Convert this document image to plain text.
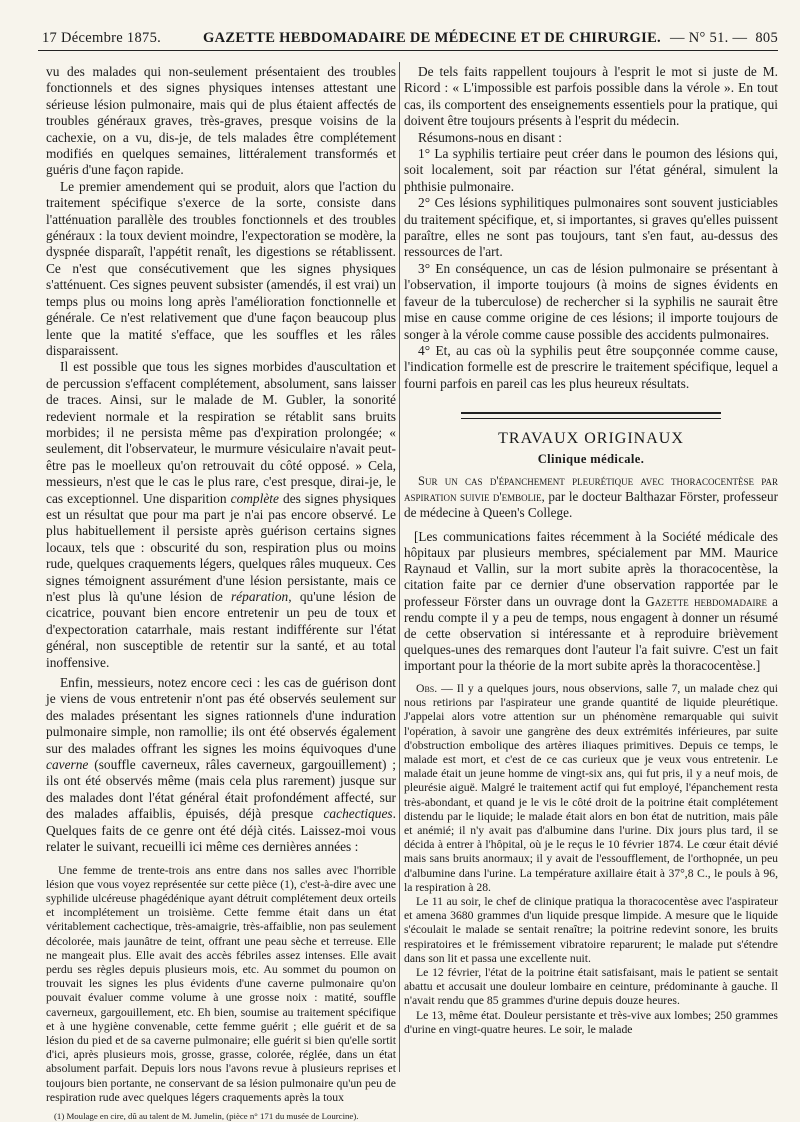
17 Décembre 1875.	GAZETTE HEBDOMADAIRE DE MÉDECINE ET DE CHIRURGIE. — N° 51. — 805

vu des malades qui non-seulement présentaient des troubles fonctionnels et des signes physiques intenses attestant une sérieuse lésion pulmonaire, mais qui de plus étaient affectés de troubles généraux graves, très-graves, presque voisins de la cachexie, on a vu, dis-je, de tels malades être complétement modifiés en quelques semaines, littéralement transformés et guéris d'une façon rapide.

Le premier amendement qui se produit, alors que l'action du traitement spécifique s'exerce de la sorte, consiste dans l'atténuation parallèle des troubles fonctionnels et des troubles généraux : la toux devient moindre, l'expectoration se modère, la dyspnée disparaît, l'appétit renaît, les digestions se rétablissent. Ce n'est que consécutivement que les signes physiques s'atténuent. Ces signes peuvent subsister (amendés, il est vrai) un temps plus ou moins long après l'amélioration fonctionnelle et générale. Ce n'est relativement que d'une façon beaucoup plus lente que la matité s'efface, que les souffles et les râles disparaissent.

Il est possible que tous les signes morbides d'auscultation et de percussion s'effacent complétement, absolument, sans laisser de traces. Ainsi, sur le malade de M. Gubler, la sonorité redevient normale et la respiration se rétablit sans bruits morbides; il ne persista même pas d'expiration prolongée; « seulement, dit l'observateur, le murmure vésiculaire n'avait peut-être pas le moelleux qu'on retrouvait du côté opposé. » Cela, messieurs, n'est que le cas le plus rare, c'est presque, dirai-je, le cas exceptionnel. Une disparition complète des signes physiques est un résultat que pour ma part je n'ai pas encore observé. Le plus habituellement il persiste après guérison certains signes locaux, tels que : obscurité du son, respiration plus ou moins rude, quelques craquements légers, quelques râles muqueux. Ces signes témoignent assurément d'une lésion persistante, mais ce n'est plus là qu'une lésion de réparation, qu'une lésion de cicatrice, pouvant bien encore entretenir un peu de toux et d'expectoration catarrhale, mais restant indifférente sur l'état général, non susceptible de retentir sur la santé, et au total inoffensive.

Enfin, messieurs, notez encore ceci : les cas de guérison dont je viens de vous entretenir n'ont pas été observés seulement sur des malades présentant les signes rationnels d'une induration pulmonaire simple, non ramollie; ils ont été observés également sur des malades offrant les signes les moins équivoques d'une caverne (souffle caverneux, râles caverneux, gargouillement) ; ils ont été observés même (mais cela plus rarement) jusque sur des malades dont l'état général était profondément affecté, sur des malades affaiblis, épuisés, déjà presque cachectiques. Quelques faits de ce genre ont été déjà cités. Laissez-moi vous relater le suivant, recueilli ici même ces dernières années :

Une femme de trente-trois ans entre dans nos salles avec l'horrible lésion que vous voyez représentée sur cette pièce (1), c'est-à-dire avec une syphilide ulcéreuse phagédénique ayant détruit complétement deux orteils et incomplétement un troisième. Cette femme était dans un état véritablement cachectique, très-amaigrie, très-affaiblie, non pas seulement décolorée, mais jaunâtre de teint, offrant une peau sèche et terreuse. Elle ne mangeait plus. Elle avait des accès fébriles assez intenses. Elle avait perdu ses règles depuis plusieurs mois, etc. Au sommet du poumon on trouvait les signes les plus évidents d'une caverne pulmonaire qu'on pouvait évaluer comme volume à une grosse noix : matité, souffle caverneux, gargouillement, etc. Eh bien, soumise au traitement spécifique et à une hygiène convenable, cette femme guérit ; elle guérit et de sa lésion du pied et de sa caverne pulmonaire; elle guérit si bien qu'elle sortit d'ici, après plusieurs mois, grosse, grasse, colorée, réglée, dans un état absolument parfait. Depuis lors nous l'avons revue à plusieurs reprises et toujours bien portante, ne conservant de sa lésion pulmonaire qu'un peu de respiration rude avec quelques légers craquements après la toux

(1) Moulage en cire, dû au talent de M. Jumelin, (pièce n° 171 du musée de Lourcine).

De tels faits rappellent toujours à l'esprit le mot si juste de M. Ricord : « L'impossible est parfois possible dans la vérole ». En tout cas, ils comportent des enseignements essentiels pour la pratique, qui doivent être toujours présents à l'esprit du médecin.

Résumons-nous en disant :

1° La syphilis tertiaire peut créer dans le poumon des lésions qui, soit localement, soit par réaction sur l'état général, simulent la phthisie pulmonaire.

2° Ces lésions syphilitiques pulmonaires sont souvent justiciables du traitement spécifique, et, si importantes, si graves qu'elles puissent paraître, elles ne sont pas toujours, tant s'en faut, au-dessus des ressources de l'art.

3° En conséquence, un cas de lésion pulmonaire se présentant à l'observation, il importe toujours (à moins de signes évidents en faveur de la tuberculose) de rechercher si la syphilis ne saurait être mise en cause comme origine de ces lésions; il importe toujours de songer à la vérole comme cause possible des accidents pulmonaires.

4° Et, au cas où la syphilis peut être soupçonnée comme cause, l'indication formelle est de prescrire le traitement spécifique, lequel a fourni parfois en pareil cas les plus heureux résultats.

TRAVAUX ORIGINAUX
Clinique médicale.

Sur un cas d'épanchement pleurétique avec thoracocentèse par aspiration suivie d'embolie, par le docteur Balthazar Förster, professeur de médecine à Queen's College.

[Les communications faites récemment à la Société médicale des hôpitaux par plusieurs membres, spécialement par MM. Maurice Raynaud et Vallin, sur la mort subite après la thoracocentèse, la citation faite par ce dernier d'une observation rapportée par le professeur Förster dans un ouvrage dont la Gazette hebdomadaire a rendu compte il y a peu de temps, nous engagent à donner un résumé de cette observation si intéressante et à reproduire brièvement quelques-unes des remarques dont l'auteur l'a fait suivre. C'est un fait important pour la théorie de la mort subite après la thoracocentèse.]

Obs. — Il y a quelques jours, nous observions, salle 7, un malade chez qui nous retirions par l'aspirateur une grande quantité de liquide pleurétique. J'appelai alors votre attention sur un phénomène remarquable qui suivit l'opération, à savoir une gangrène des deux extrémités inférieures, par suite d'obstruction embolique des artères iliaques primitives. Depuis ce temps, le malade est mort, et c'est de ce cas curieux que je veux vous entretenir. Le malade était un jeune homme de vingt-six ans, qui fut pris, il y a neuf mois, de pleurésie aiguë. Malgré le traitement actif qui fut employé, l'épanchement resta très-abondant, et quand je le vis le côté droit de la poitrine était complétement distendu par le liquide; le malade était alors en bon état de nutrition, mais pâle et anémié; il n'y avait pas d'albumine dans l'urine. Dix jours plus tard, il se décida à entrer à l'hôpital, où je le reçus le 10 février 1874. Le cœur était dévié mais sans bruits anormaux; il y avait de l'essoufflement, de l'orthopnée, un peu d'albumine dans l'urine. La température axillaire était à 37°,8 C., le pouls à 96, la respiration à 28.

Le 11 au soir, le chef de clinique pratiqua la thoracocentèse avec l'aspirateur et amena 3680 grammes d'un liquide presque limpide. A mesure que le liquide s'écoulait le malade se sentait renaître; la poitrine redevint sonore, les bruits respiratoires et le frémissement vibratoire reparurent; le malade put s'étendre dans son lit et passa une excellente nuit.

Le 12 février, l'état de la poitrine était satisfaisant, mais le patient se sentait abattu et accusait une douleur lombaire en ceinture, prédominante à gauche. Il n'avait rendu que 85 grammes d'urine depuis douze heures.

Le 13, même état. Douleur persistante et très-vive aux lombes; 250 grammes d'urine en vingt-quatre heures. Le soir, le malade
